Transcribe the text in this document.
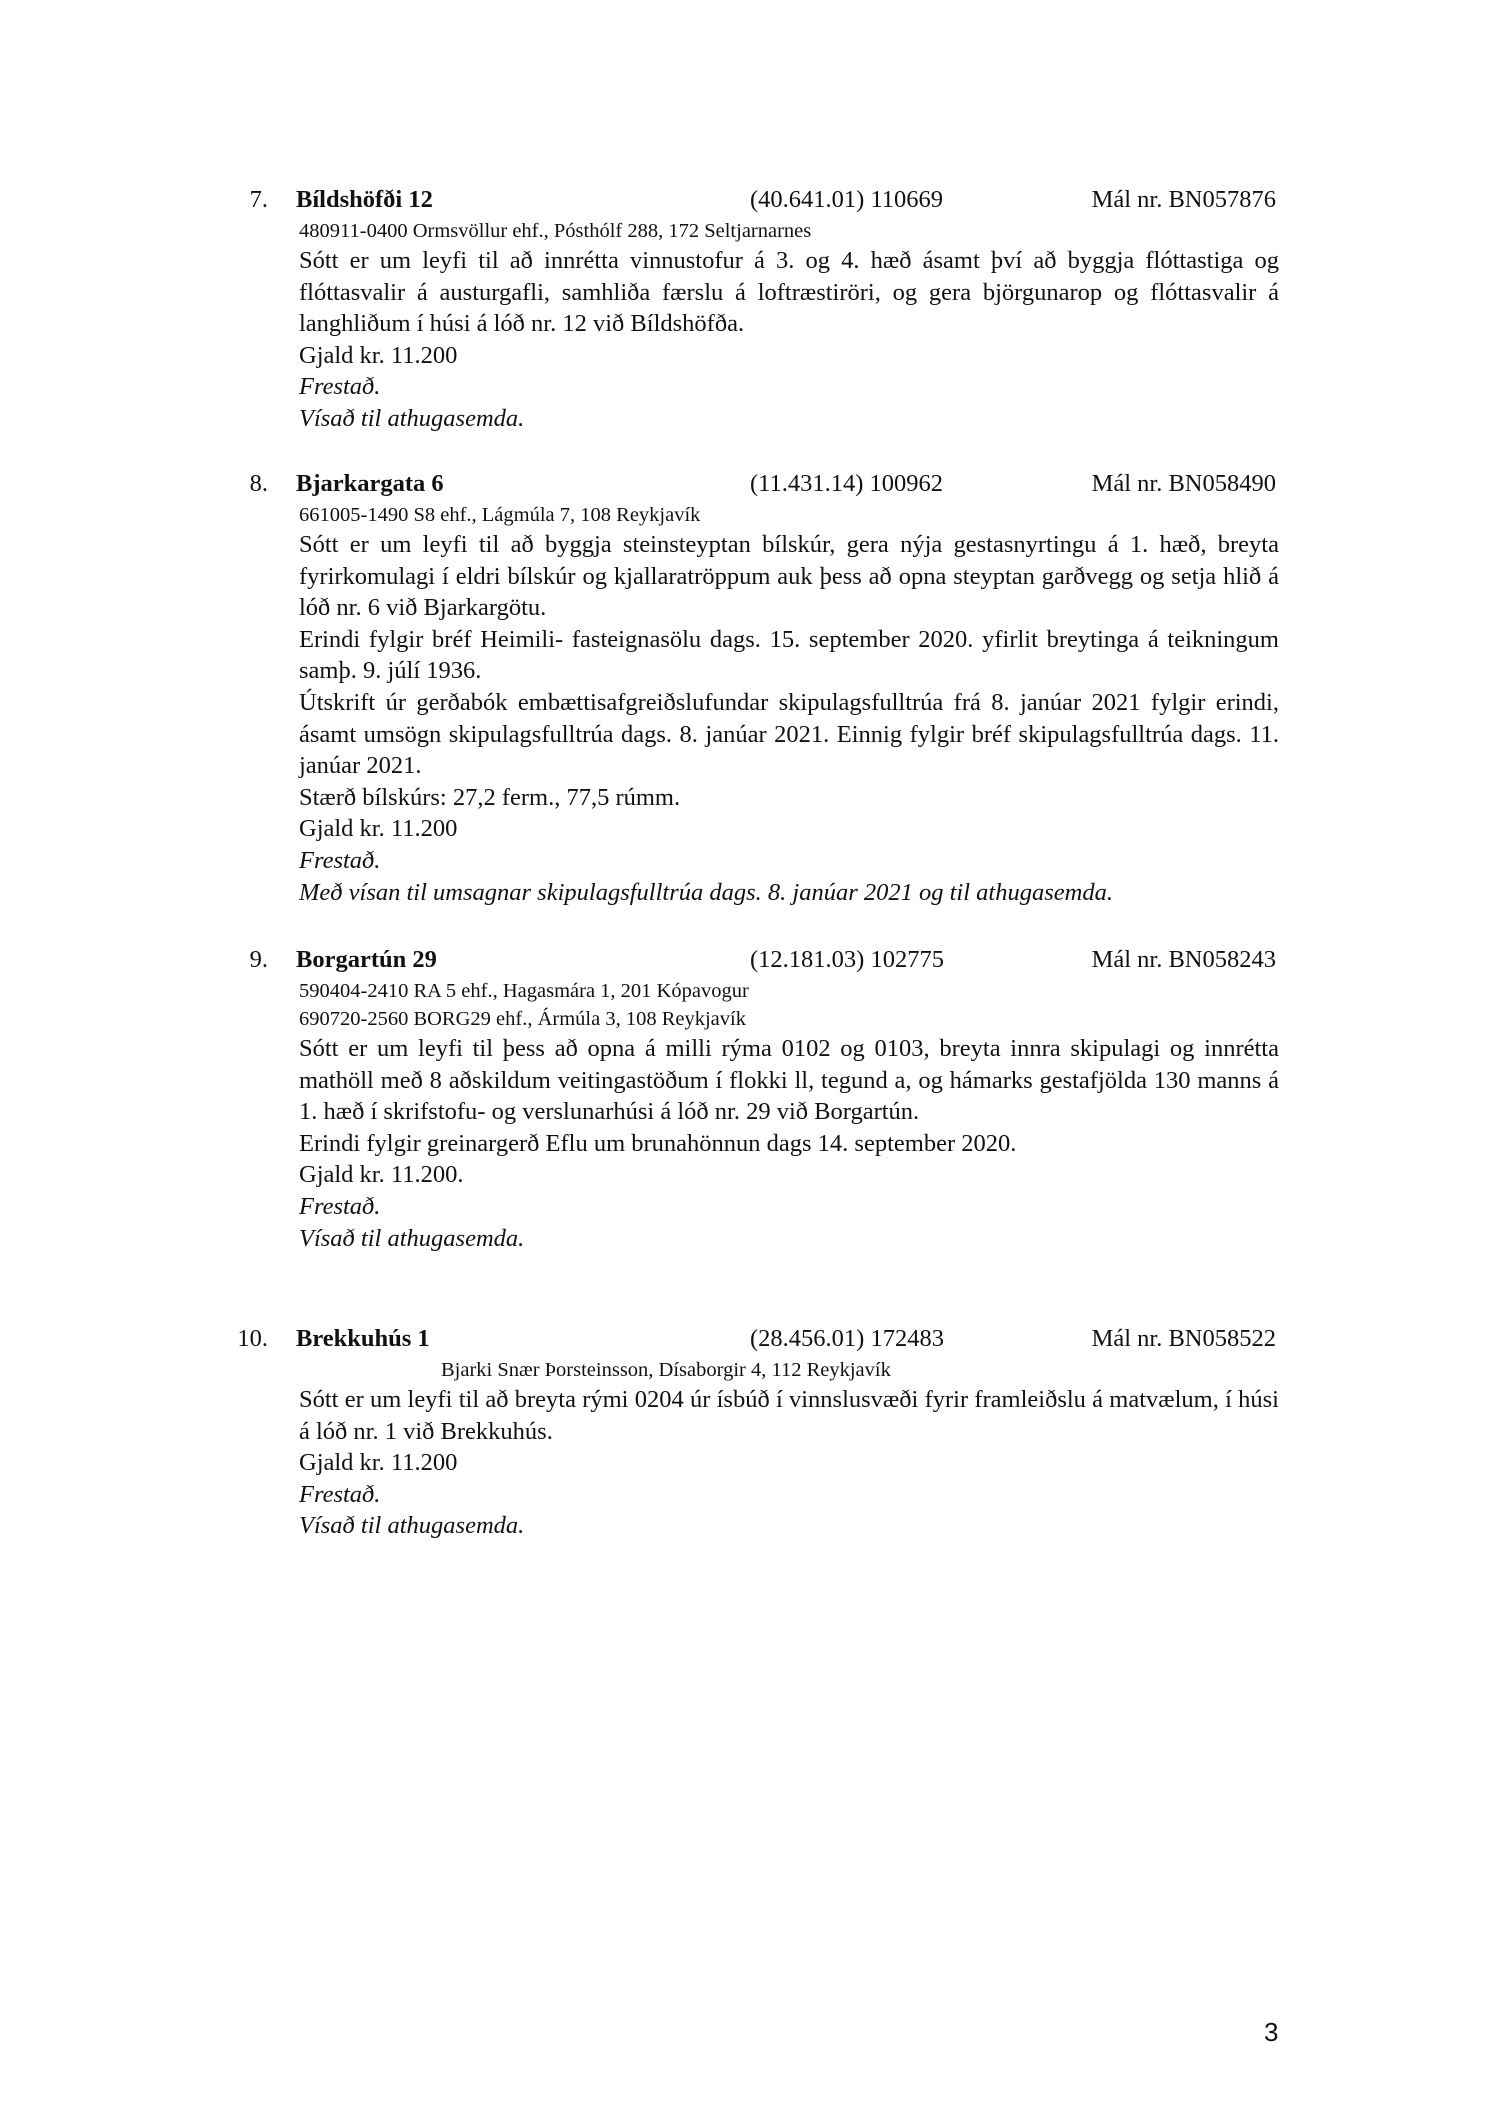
7. Bíldshöfði 12	(40.641.01) 110669	Mál nr. BN057876
480911-0400 Ormsvöllur ehf., Pósthólf 288, 172 Seltjarnarnes

Sótt er um leyfi til að innrétta vinnustofur á 3. og 4. hæð ásamt því að byggja flóttastiga og flóttasvalir á austurgafli, samhliða færslu á loftræstiröri, og gera björgunarop og flóttasvalir á langhliðum í húsi á lóð nr. 12 við Bíldshöfða.

Gjald kr. 11.200
Frestað.
Vísað til athugasemda.
8. Bjarkargata 6	(11.431.14) 100962	Mál nr. BN058490
661005-1490 S8 ehf., Lágmúla 7, 108 Reykjavík

Sótt er um leyfi til að byggja steinsteyptan bílskúr, gera nýja gestasnyrtingu á 1. hæð, breyta fyrirkomulagi í eldri bílskúr og kjallaratröppum auk þess að opna steyptan garðvegg og setja hlið á lóð nr. 6 við Bjarkargötu.

Erindi fylgir bréf Heimili- fasteignasölu dags. 15. september 2020. yfirlit breytinga á teikningum samþ. 9. júlí 1936.

Útskrift úr gerðabók embættisafgreiðslufundar skipulagsfulltrúa frá 8. janúar 2021 fylgir erindi, ásamt umsögn skipulagsfulltrúa dags. 8. janúar 2021. Einnig fylgir bréf skipulagsfulltrúa dags. 11. janúar 2021.

Stærð bílskúrs: 27,2 ferm., 77,5 rúmm.
Gjald kr. 11.200
Frestað.
Með vísan til umsagnar skipulagsfulltrúa dags. 8. janúar 2021 og til athugasemda.
9. Borgartún 29	(12.181.03) 102775	Mál nr. BN058243
590404-2410 RA 5 ehf., Hagasmára 1, 201 Kópavogur
690720-2560 BORG29 ehf., Ármúla 3, 108 Reykjavík

Sótt er um leyfi til þess að opna á milli rýma 0102 og 0103, breyta innra skipulagi og innrétta mathöll með 8 aðskildum veitingastöðum í flokki ll, tegund a, og hámarks gestafjölda 130 manns á 1. hæð í skrifstofu- og verslunarhúsi á lóð nr. 29 við Borgartún.

Erindi fylgir greinargerð Eflu um brunahönnun dags 14. september 2020.
Gjald kr. 11.200.
Frestað.
Vísað til athugasemda.
10. Brekkuhús 1	(28.456.01) 172483	Mál nr. BN058522
Bjarki Snær Þorsteinsson, Dísaborgir 4, 112 Reykjavík

Sótt er um leyfi til að breyta rými 0204 úr ísbúð í vinnslusvæði fyrir framleiðslu á matvælum, í húsi á lóð nr. 1 við Brekkuhús.

Gjald kr. 11.200
Frestað.
Vísað til athugasemda.
3
